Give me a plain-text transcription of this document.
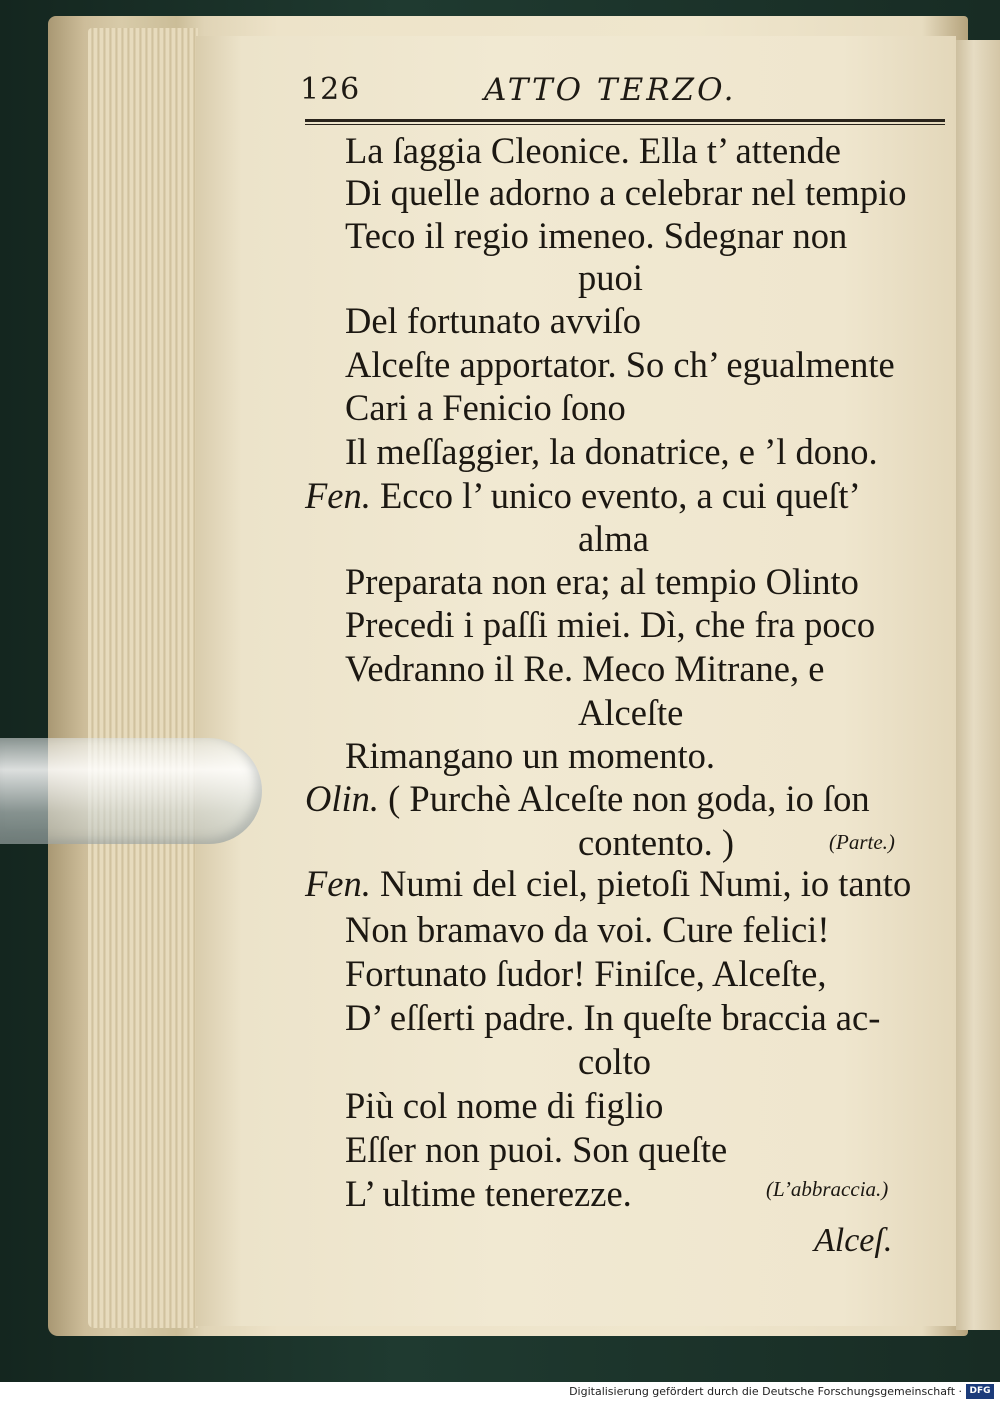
126	ATTO TERZO.
La ſaggia Cleonice. Ella t’ attende
Di quelle adorno a celebrar nel tempio
Teco il regio imeneo. Sdegnar non
puoi
Del fortunato avviſo
Alceſte apportator. So ch’ egualmente
Cari a Fenicio ſono
Il meſſaggier, la donatrice, e ’l dono.
Fen. Ecco l’ unico evento, a cui queſt’
alma
Preparata non era; al tempio Olinto
Precedi i paſſi miei. Dì, che fra poco
Vedranno il Re. Meco Mitrane, e
Alceſte
Rimangano un momento.
Olin. ( Purchè Alceſte non goda, io ſon
contento. )	(Parte.)
Fen. Numi del ciel, pietoſi Numi, io tanto
Non bramavo da voi. Cure felici!
Fortunato ſudor! Finiſce, Alceſte,
D’ eſſerti padre. In queſte braccia ac-
colto
Più col nome di figlio
Eſſer non puoi. Son queſte
L’ ultime tenerezze.	(L’abbraccia.)
Alceſ.
Digitalisierung gefördert durch die Deutsche Forschungsgemeinschaft · DFG
